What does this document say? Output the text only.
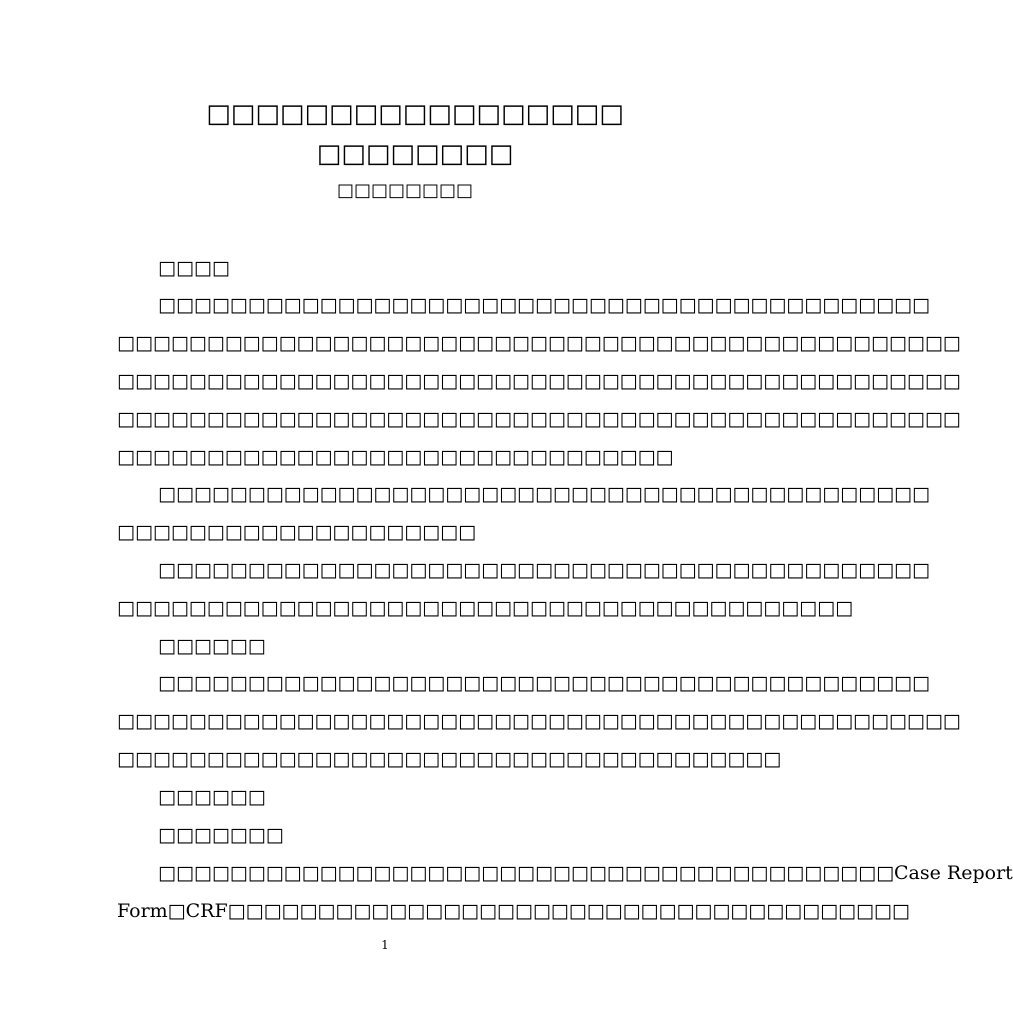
□□□□□□□□□□□□□□□□□
□□□□□□□□
□□□□□□□□
□□□□
□□□□□□□□□□□□□□□□□□□□□□□□□□□□□□□□□□□□□□□□□□□
□□□□□□□□□□□□□□□□□□□□□□□□□□□□□□□□□□□□□□□□□□□□□□□
□□□□□□□□□□□□□□□□□□□□□□□□□□□□□□□□□□□□□□□□□□□□□□□
□□□□□□□□□□□□□□□□□□□□□□□□□□□□□□□□□□□□□□□□□□□□□□□
□□□□□□□□□□□□□□□□□□□□□□□□□□□□□□□
□□□□□□□□□□□□□□□□□□□□□□□□□□□□□□□□□□□□□□□□□□□
□□□□□□□□□□□□□□□□□□□□
□□□□□□□□□□□□□□□□□□□□□□□□□□□□□□□□□□□□□□□□□□□
□□□□□□□□□□□□□□□□□□□□□□□□□□□□□□□□□□□□□□□□□
□□□□□□
□□□□□□□□□□□□□□□□□□□□□□□□□□□□□□□□□□□□□□□□□□□
□□□□□□□□□□□□□□□□□□□□□□□□□□□□□□□□□□□□□□□□□□□□□□□
□□□□□□□□□□□□□□□□□□□□□□□□□□□□□□□□□□□□□
□□□□□□
□□□□□□□
□□□□□□□□□□□□□□□□□□□□□□□□□□□□□□□□□□□□□□□□□Case Report
Form□CRF□□□□□□□□□□□□□□□□□□□□□□□□□□□□□□□□□□□□□□
1
